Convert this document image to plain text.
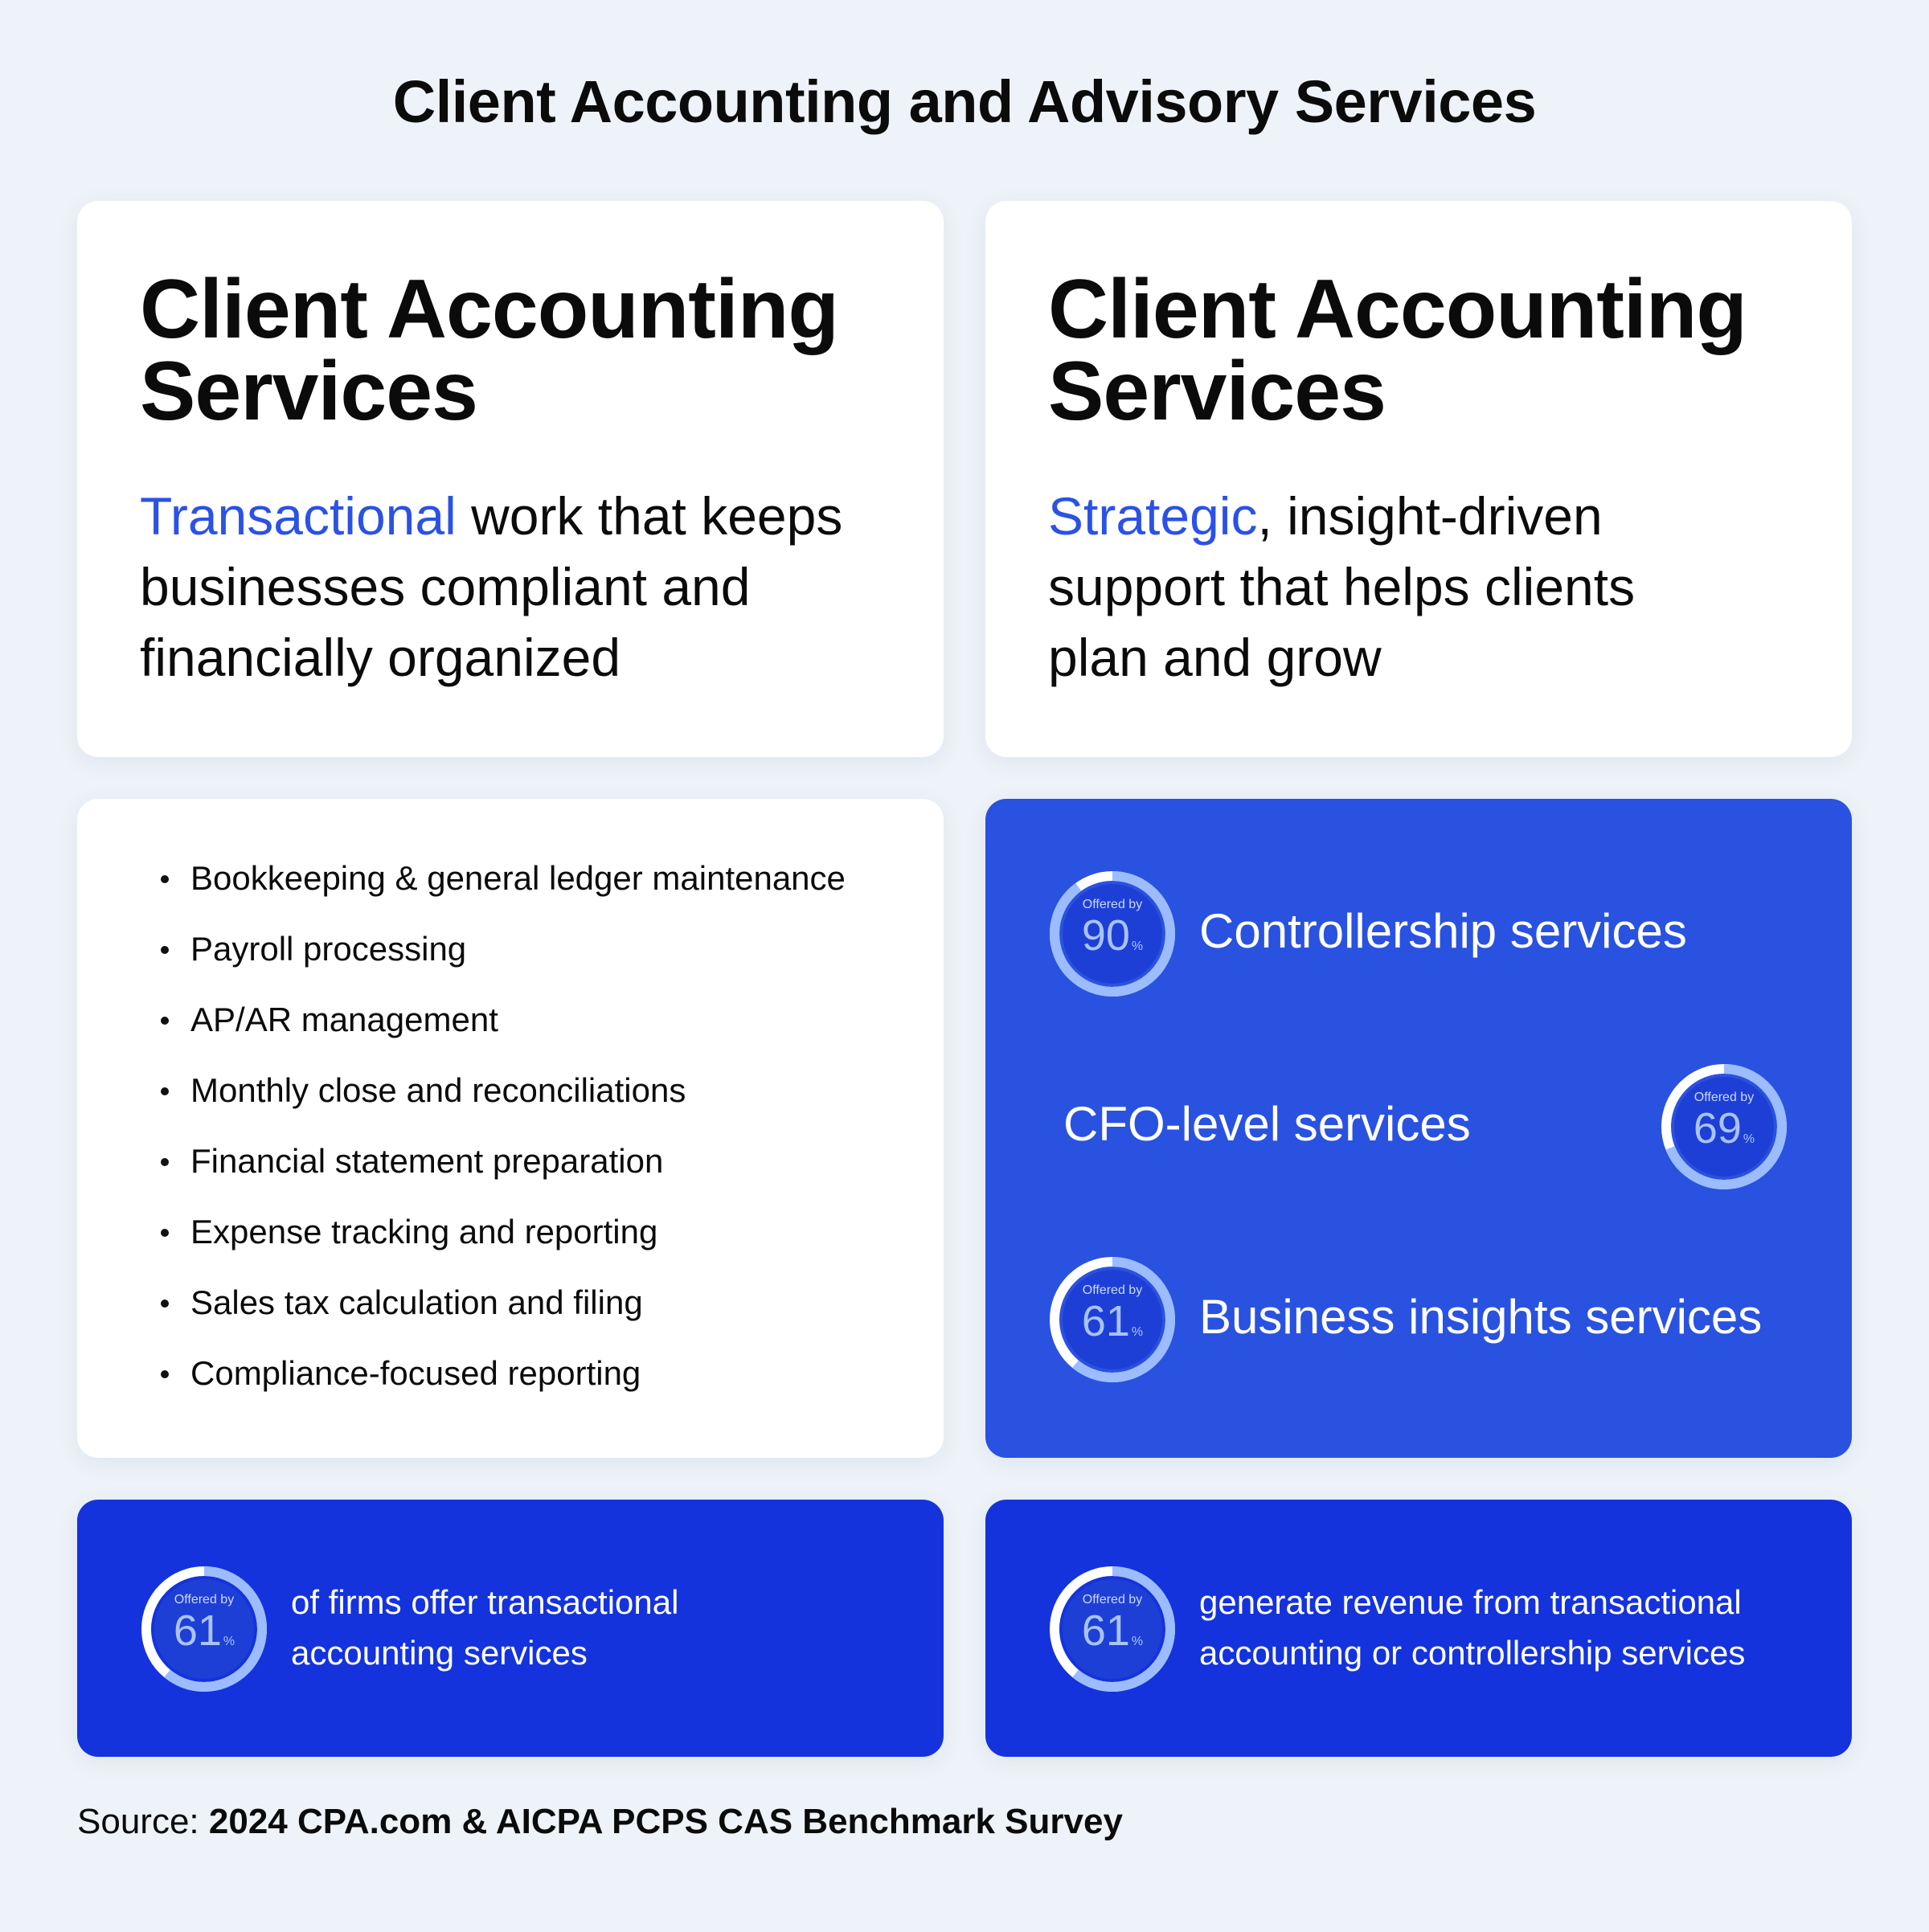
Client Accounting and Advisory Services
Client Accounting
Services

Transactional work that keeps businesses compliant and financially organized

Client Accounting
Services

Strategic, insight-driven support that helps clients plan and grow

Bookkeeping & general ledger maintenance
Payroll processing
AP/AR management
Monthly close and reconciliations
Financial statement preparation
Expense tracking and reporting
Sales tax calculation and filing
Compliance-focused reporting
Offered by
90 %	Controllership services
CFO-level services	Offered by
69 %
Offered by
61 %	Business insights services
Offered by
61 %
of firms offer transactional accounting services
Offered by
61 %
generate revenue from transactional accounting or controllership services
Source: 2024 CPA.com & AICPA PCPS CAS Benchmark Survey
